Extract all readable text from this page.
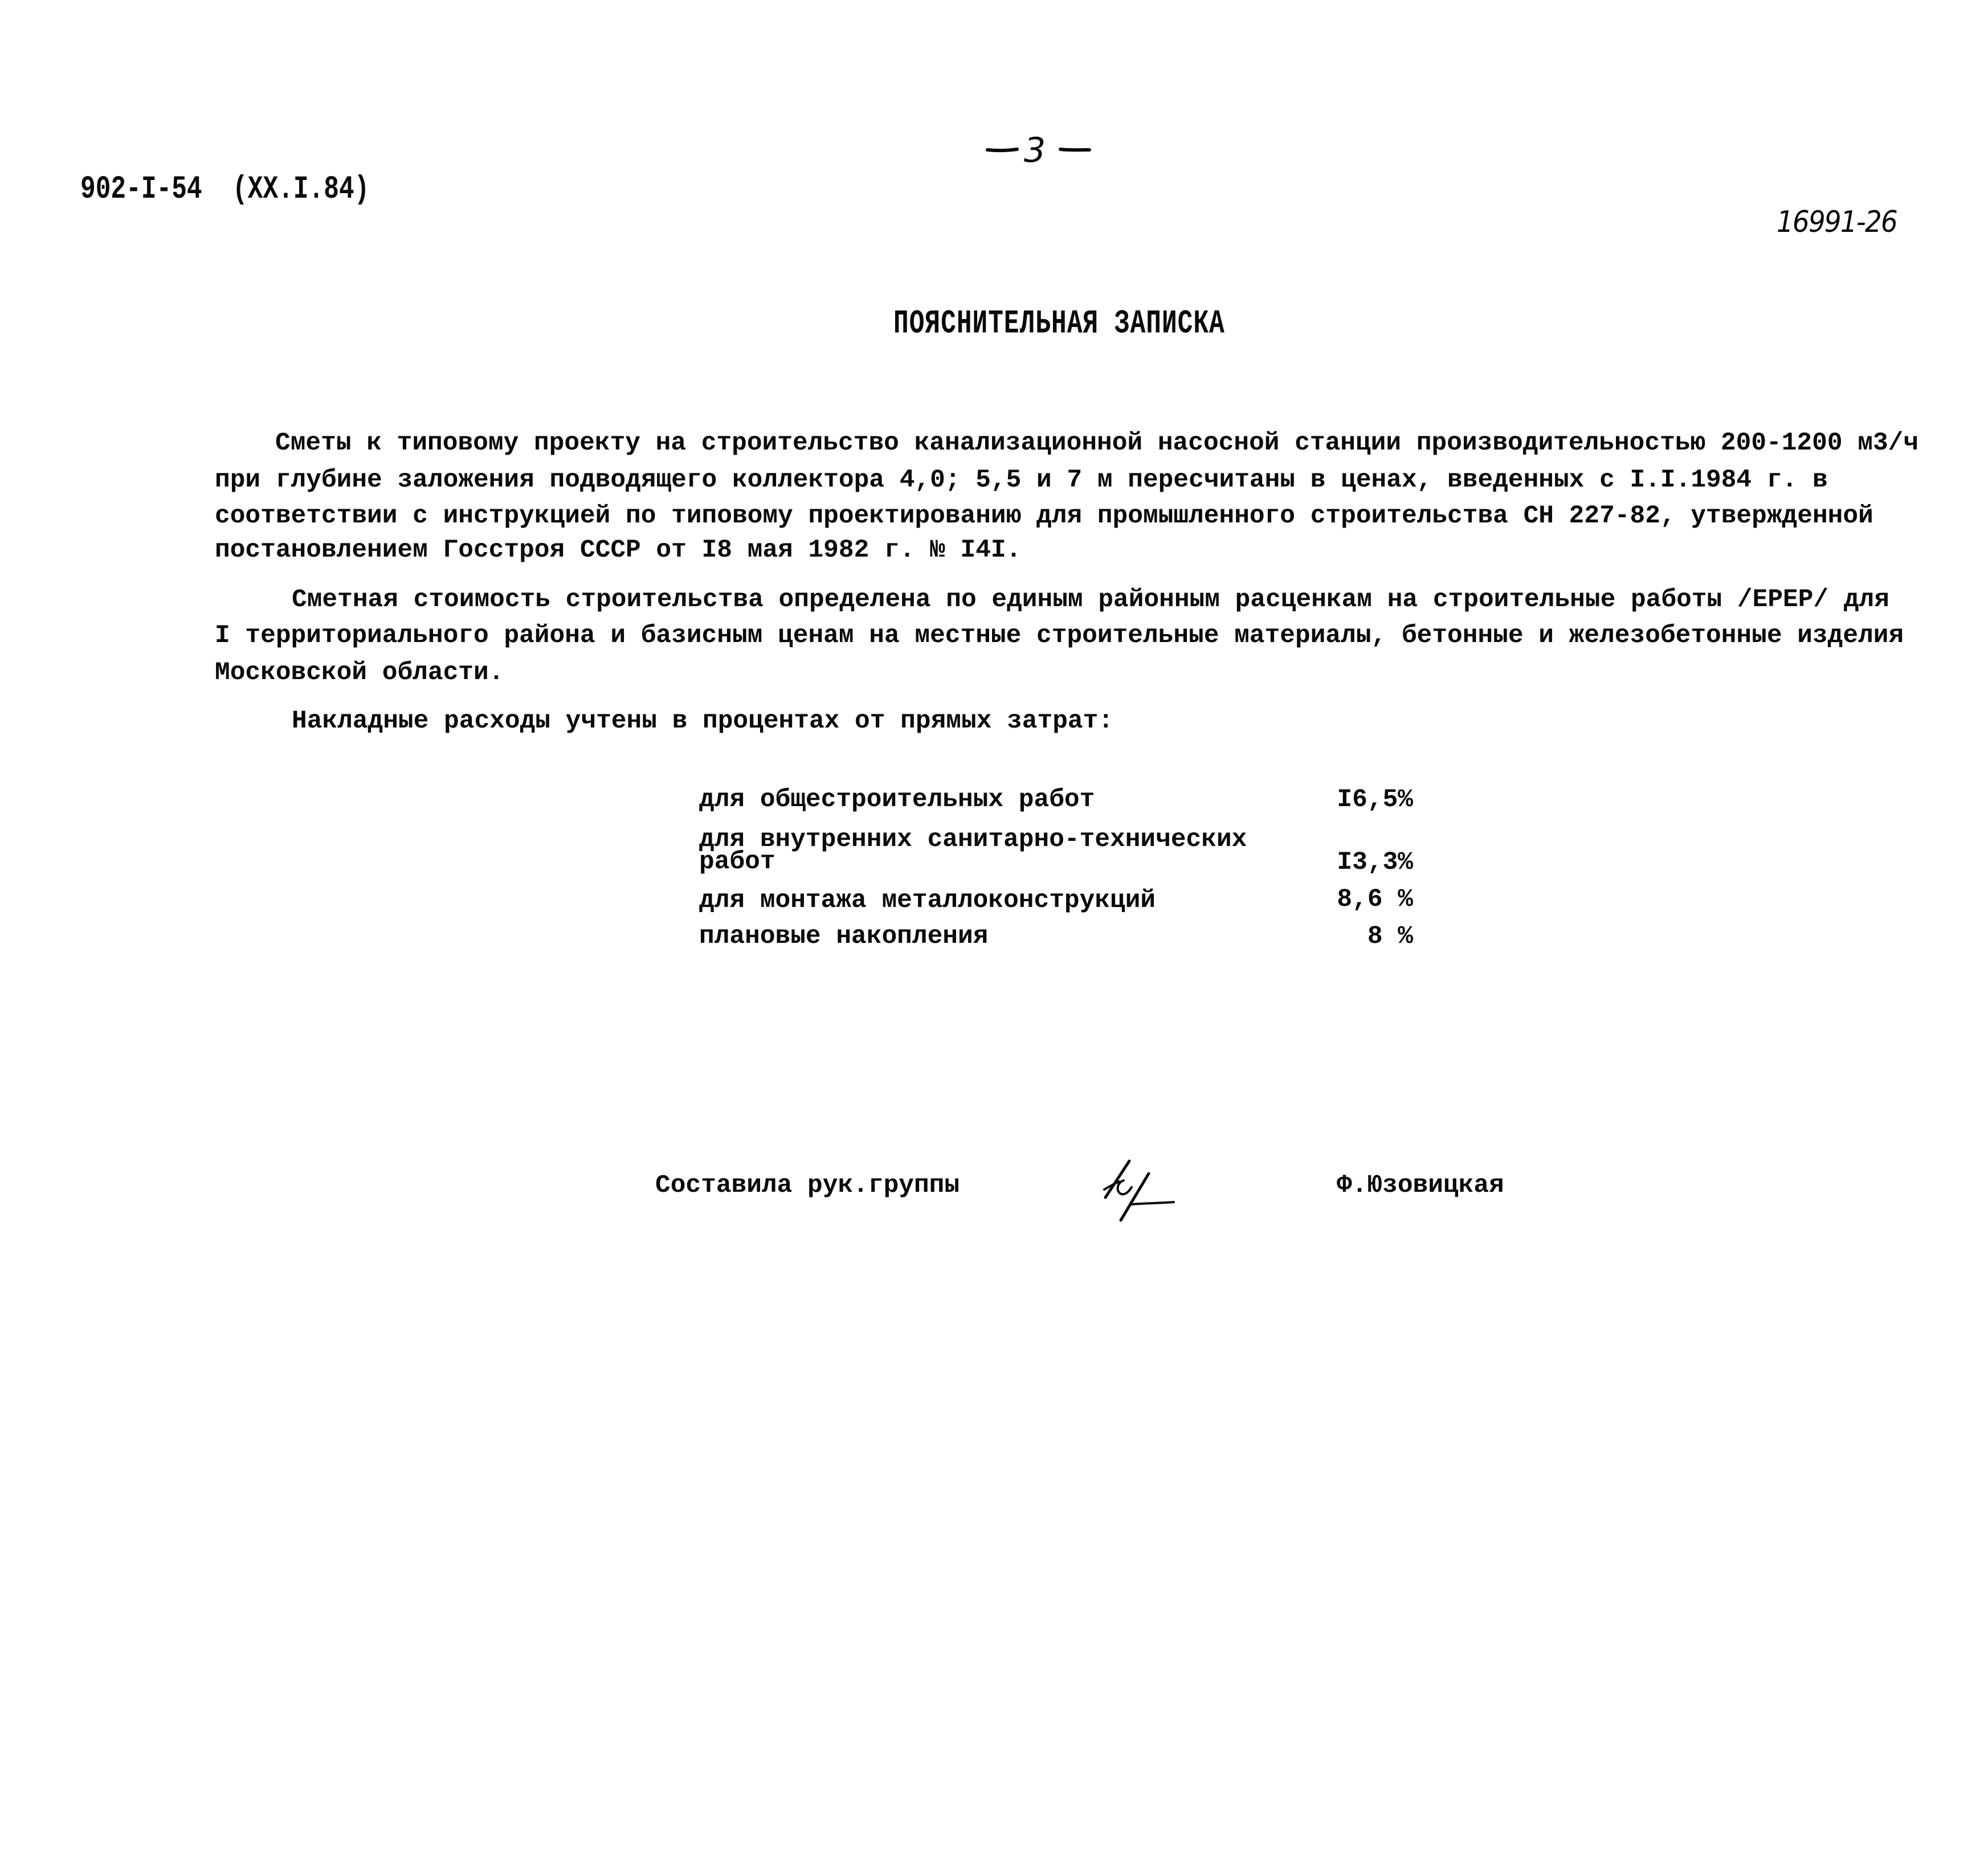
902-I-54  (XX.I.84)
3
16991-26
ПОЯСНИТЕЛЬНАЯ ЗАПИСКА
Сметы к типовому проекту на строительство канализационной насосной станции производительностью 200-1200 м3/ч
при глубине заложения подводящего коллектора 4,0; 5,5 и 7 м пересчитаны в ценах, введенных с I.I.1984 г. в
соответствии с инструкцией по типовому проектированию для промышленного строительства СН 227-82, утвержденной
постановлением Госстроя СССР от I8 мая 1982 г. № I4I.
Сметная стоимость строительства определена по единым районным расценкам на строительные работы /ЕРЕР/ для
I территориального района и базисным ценам на местные строительные материалы, бетонные и железобетонные изделия
Московской области.
Накладные расходы учтены в процентах от прямых затрат:
для общестроительных работ	I6,5%
для внутренних санитарно-технических
работ	I3,3%
для монтажа металлоконструкций	8,6 %
плановые накопления	8 %
Составила рук.группы	Ф.Юзовицкая
